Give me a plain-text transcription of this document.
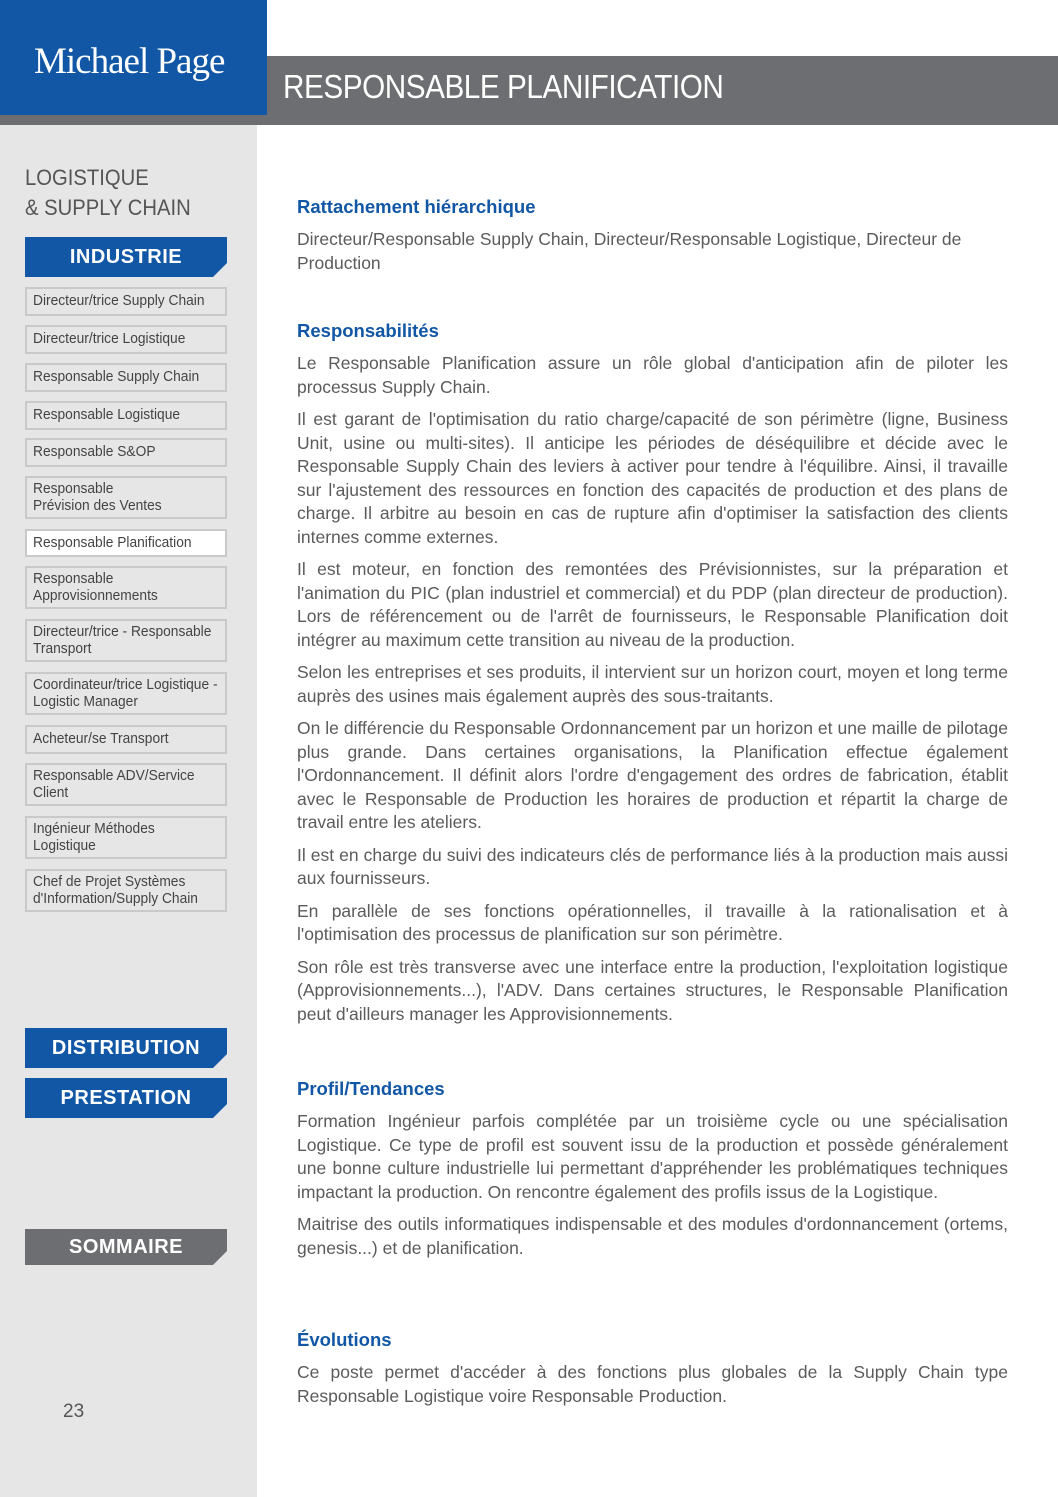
Michael Page
RESPONSABLE PLANIFICATION
LOGISTIQUE
& SUPPLY CHAIN
INDUSTRIE
Directeur/trice Supply Chain
Directeur/trice Logistique
Responsable Supply Chain
Responsable Logistique
Responsable S&OP
Responsable
Prévision des Ventes
Responsable Planification
Responsable
Approvisionnements
Directeur/trice - Responsable
Transport
Coordinateur/trice Logistique -
Logistic Manager
Acheteur/se Transport
Responsable ADV/Service
Client
Ingénieur Méthodes
Logistique
Chef de Projet Systèmes
d'Information/Supply Chain
DISTRIBUTION
PRESTATION
SOMMAIRE
23
Rattachement hiérarchique

Directeur/Responsable Supply Chain, Directeur/Responsable Logistique, Directeur de Production

Responsabilités

Le Responsable Planification assure un rôle global d'anticipation afin de piloter les processus Supply Chain.

Il est garant de l'optimisation du ratio charge/capacité de son périmètre (ligne, Business Unit, usine ou multi-sites). Il anticipe les périodes de déséquilibre et décide avec le Responsable Supply Chain des leviers à activer pour tendre à l'équilibre. Ainsi, il travaille sur l'ajustement des ressources en fonction des capacités de production et des plans de charge. Il arbitre au besoin en cas de rupture afin d'optimiser la satisfaction des clients internes comme externes.

Il est moteur, en fonction des remontées des Prévisionnistes, sur la préparation et l'animation du PIC (plan industriel et commercial) et du PDP (plan directeur de production). Lors de référencement ou de l'arrêt de fournisseurs, le Responsable Planification doit intégrer au maximum cette transition au niveau de la production.

Selon les entreprises et ses produits, il intervient sur un horizon court, moyen et long terme auprès des usines mais également auprès des sous-traitants.

On le différencie du Responsable Ordonnancement par un horizon et une maille de pilotage plus grande. Dans certaines organisations, la Planification effectue également l'Ordonnancement. Il définit alors l'ordre d'engagement des ordres de fabrication, établit avec le Responsable de Production les horaires de production et répartit la charge de travail entre les ateliers.

Il est en charge du suivi des indicateurs clés de performance liés à la production mais aussi aux fournisseurs.

En parallèle de ses fonctions opérationnelles, il travaille à la rationalisation et à l'optimisation des processus de planification sur son périmètre.

Son rôle est très transverse avec une interface entre la production, l'exploitation logistique (Approvisionnements...), l'ADV. Dans certaines structures, le Responsable Planification peut d'ailleurs manager les Approvisionnements.

Profil/Tendances

Formation Ingénieur parfois complétée par un troisième cycle ou une spécialisation Logistique. Ce type de profil est souvent issu de la production et possède généralement une bonne culture industrielle lui permettant d'appréhender les problématiques techniques impactant la production. On rencontre également des profils issus de la Logistique.

Maitrise des outils informatiques indispensable et des modules d'ordonnancement (ortems, genesis...) et de planification.

Évolutions

Ce poste permet d'accéder à des fonctions plus globales de la Supply Chain type Responsable Logistique voire Responsable Production.
